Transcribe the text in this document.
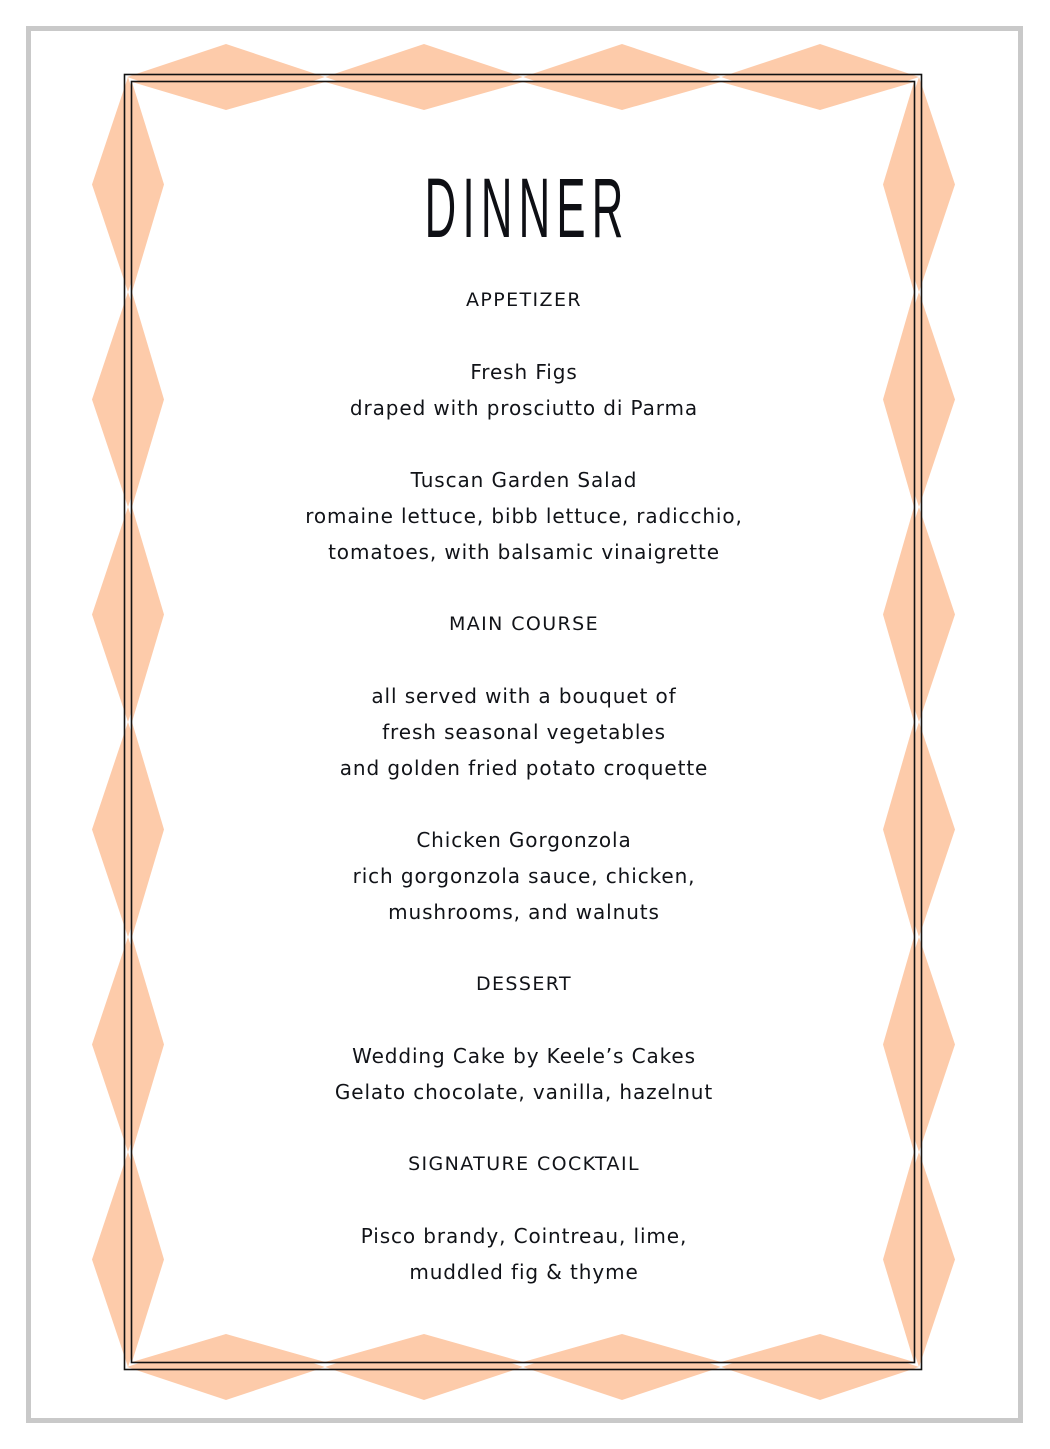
DINNER
APPETIZER
Fresh Figs
draped with prosciutto di Parma
Tuscan Garden Salad
romaine lettuce, bibb lettuce, radicchio,
tomatoes, with balsamic vinaigrette
MAIN COURSE
all served with a bouquet of
fresh seasonal vegetables
and golden fried potato croquette
Chicken Gorgonzola
rich gorgonzola sauce, chicken,
mushrooms, and walnuts
DESSERT
Wedding Cake by Keele’s Cakes
Gelato chocolate, vanilla, hazelnut
SIGNATURE COCKTAIL
Pisco brandy, Cointreau, lime,
muddled fig & thyme
